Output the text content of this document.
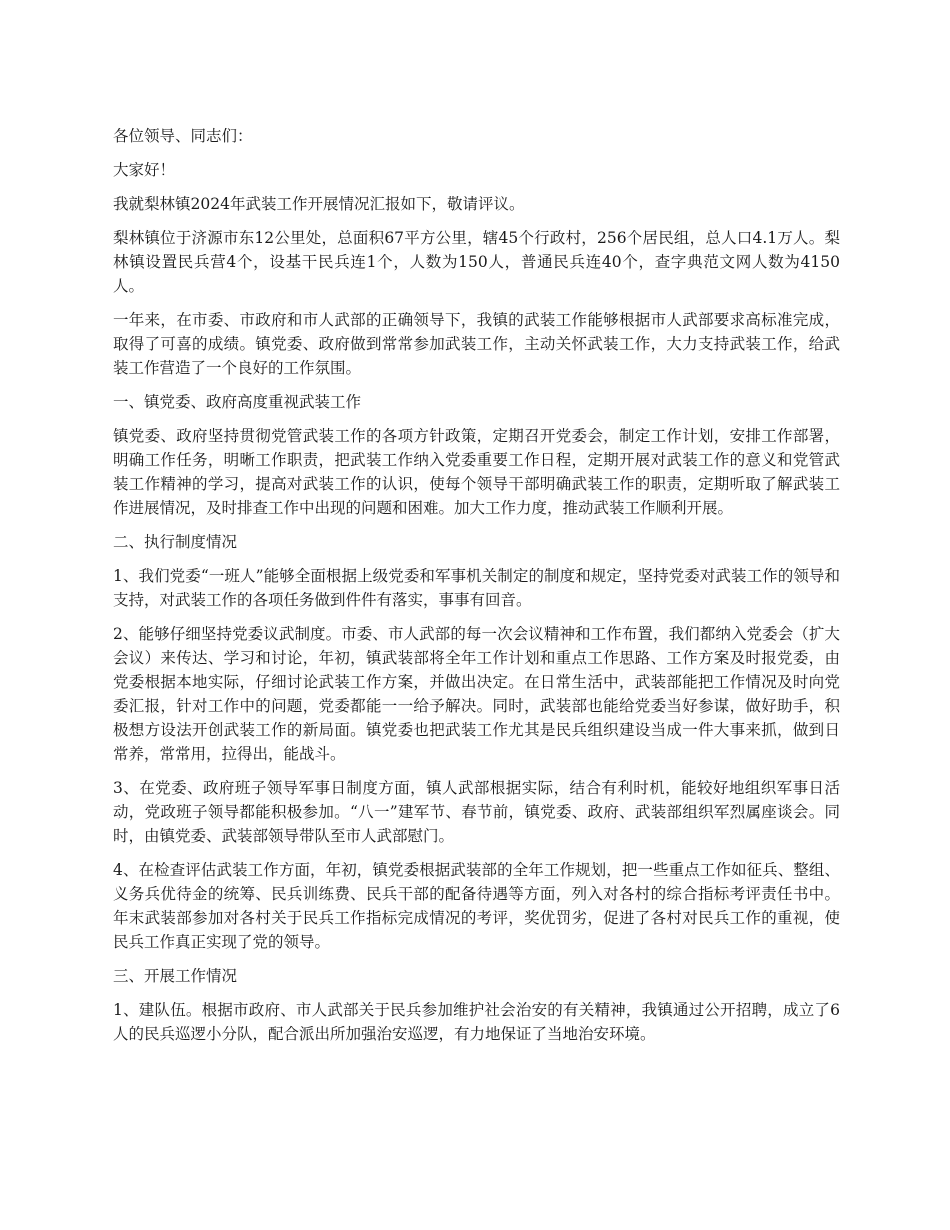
各位领导、同志们：

大家好！

我就梨林镇2024年武装工作开展情况汇报如下，敬请评议。

梨林镇位于济源市东12公里处，总面积67平方公里，辖45个行政村，256个居民组，总人口4.1万人。梨林镇设置民兵营4个，设基干民兵连1个，人数为150人，普通民兵连40个，查字典范文网人数为4150人。

一年来，在市委、市政府和市人武部的正确领导下，我镇的武装工作能够根据市人武部要求高标准完成，取得了可喜的成绩。镇党委、政府做到常常参加武装工作，主动关怀武装工作，大力支持武装工作，给武装工作营造了一个良好的工作氛围。

一、镇党委、政府高度重视武装工作

镇党委、政府坚持贯彻党管武装工作的各项方针政策，定期召开党委会，制定工作计划，安排工作部署，明确工作任务，明晰工作职责，把武装工作纳入党委重要工作日程，定期开展对武装工作的意义和党管武装工作精神的学习，提高对武装工作的认识，使每个领导干部明确武装工作的职责，定期听取了解武装工作进展情况，及时排查工作中出现的问题和困难。加大工作力度，推动武装工作顺利开展。

二、执行制度情况

1、我们党委“一班人”能够全面根据上级党委和军事机关制定的制度和规定，坚持党委对武装工作的领导和支持，对武装工作的各项任务做到件件有落实，事事有回音。

2、能够仔细坚持党委议武制度。市委、市人武部的每一次会议精神和工作布置，我们都纳入党委会（扩大会议）来传达、学习和讨论，年初，镇武装部将全年工作计划和重点工作思路、工作方案及时报党委，由党委根据本地实际，仔细讨论武装工作方案，并做出决定。在日常生活中，武装部能把工作情况及时向党委汇报，针对工作中的问题，党委都能一一给予解决。同时，武装部也能给党委当好参谋，做好助手，积极想方设法开创武装工作的新局面。镇党委也把武装工作尤其是民兵组织建设当成一件大事来抓，做到日常养，常常用，拉得出，能战斗。

3、在党委、政府班子领导军事日制度方面，镇人武部根据实际，结合有利时机，能较好地组织军事日活动，党政班子领导都能积极参加。“八一”建军节、春节前，镇党委、政府、武装部组织军烈属座谈会。同时，由镇党委、武装部领导带队至市人武部慰门。

4、在检查评估武装工作方面，年初，镇党委根据武装部的全年工作规划，把一些重点工作如征兵、整组、义务兵优待金的统筹、民兵训练费、民兵干部的配备待遇等方面，列入对各村的综合指标考评责任书中。年末武装部参加对各村关于民兵工作指标完成情况的考评，奖优罚劣，促进了各村对民兵工作的重视，使民兵工作真正实现了党的领导。

三、开展工作情况

1、建队伍。根据市政府、市人武部关于民兵参加维护社会治安的有关精神，我镇通过公开招聘，成立了6人的民兵巡逻小分队，配合派出所加强治安巡逻，有力地保证了当地治安环境。
